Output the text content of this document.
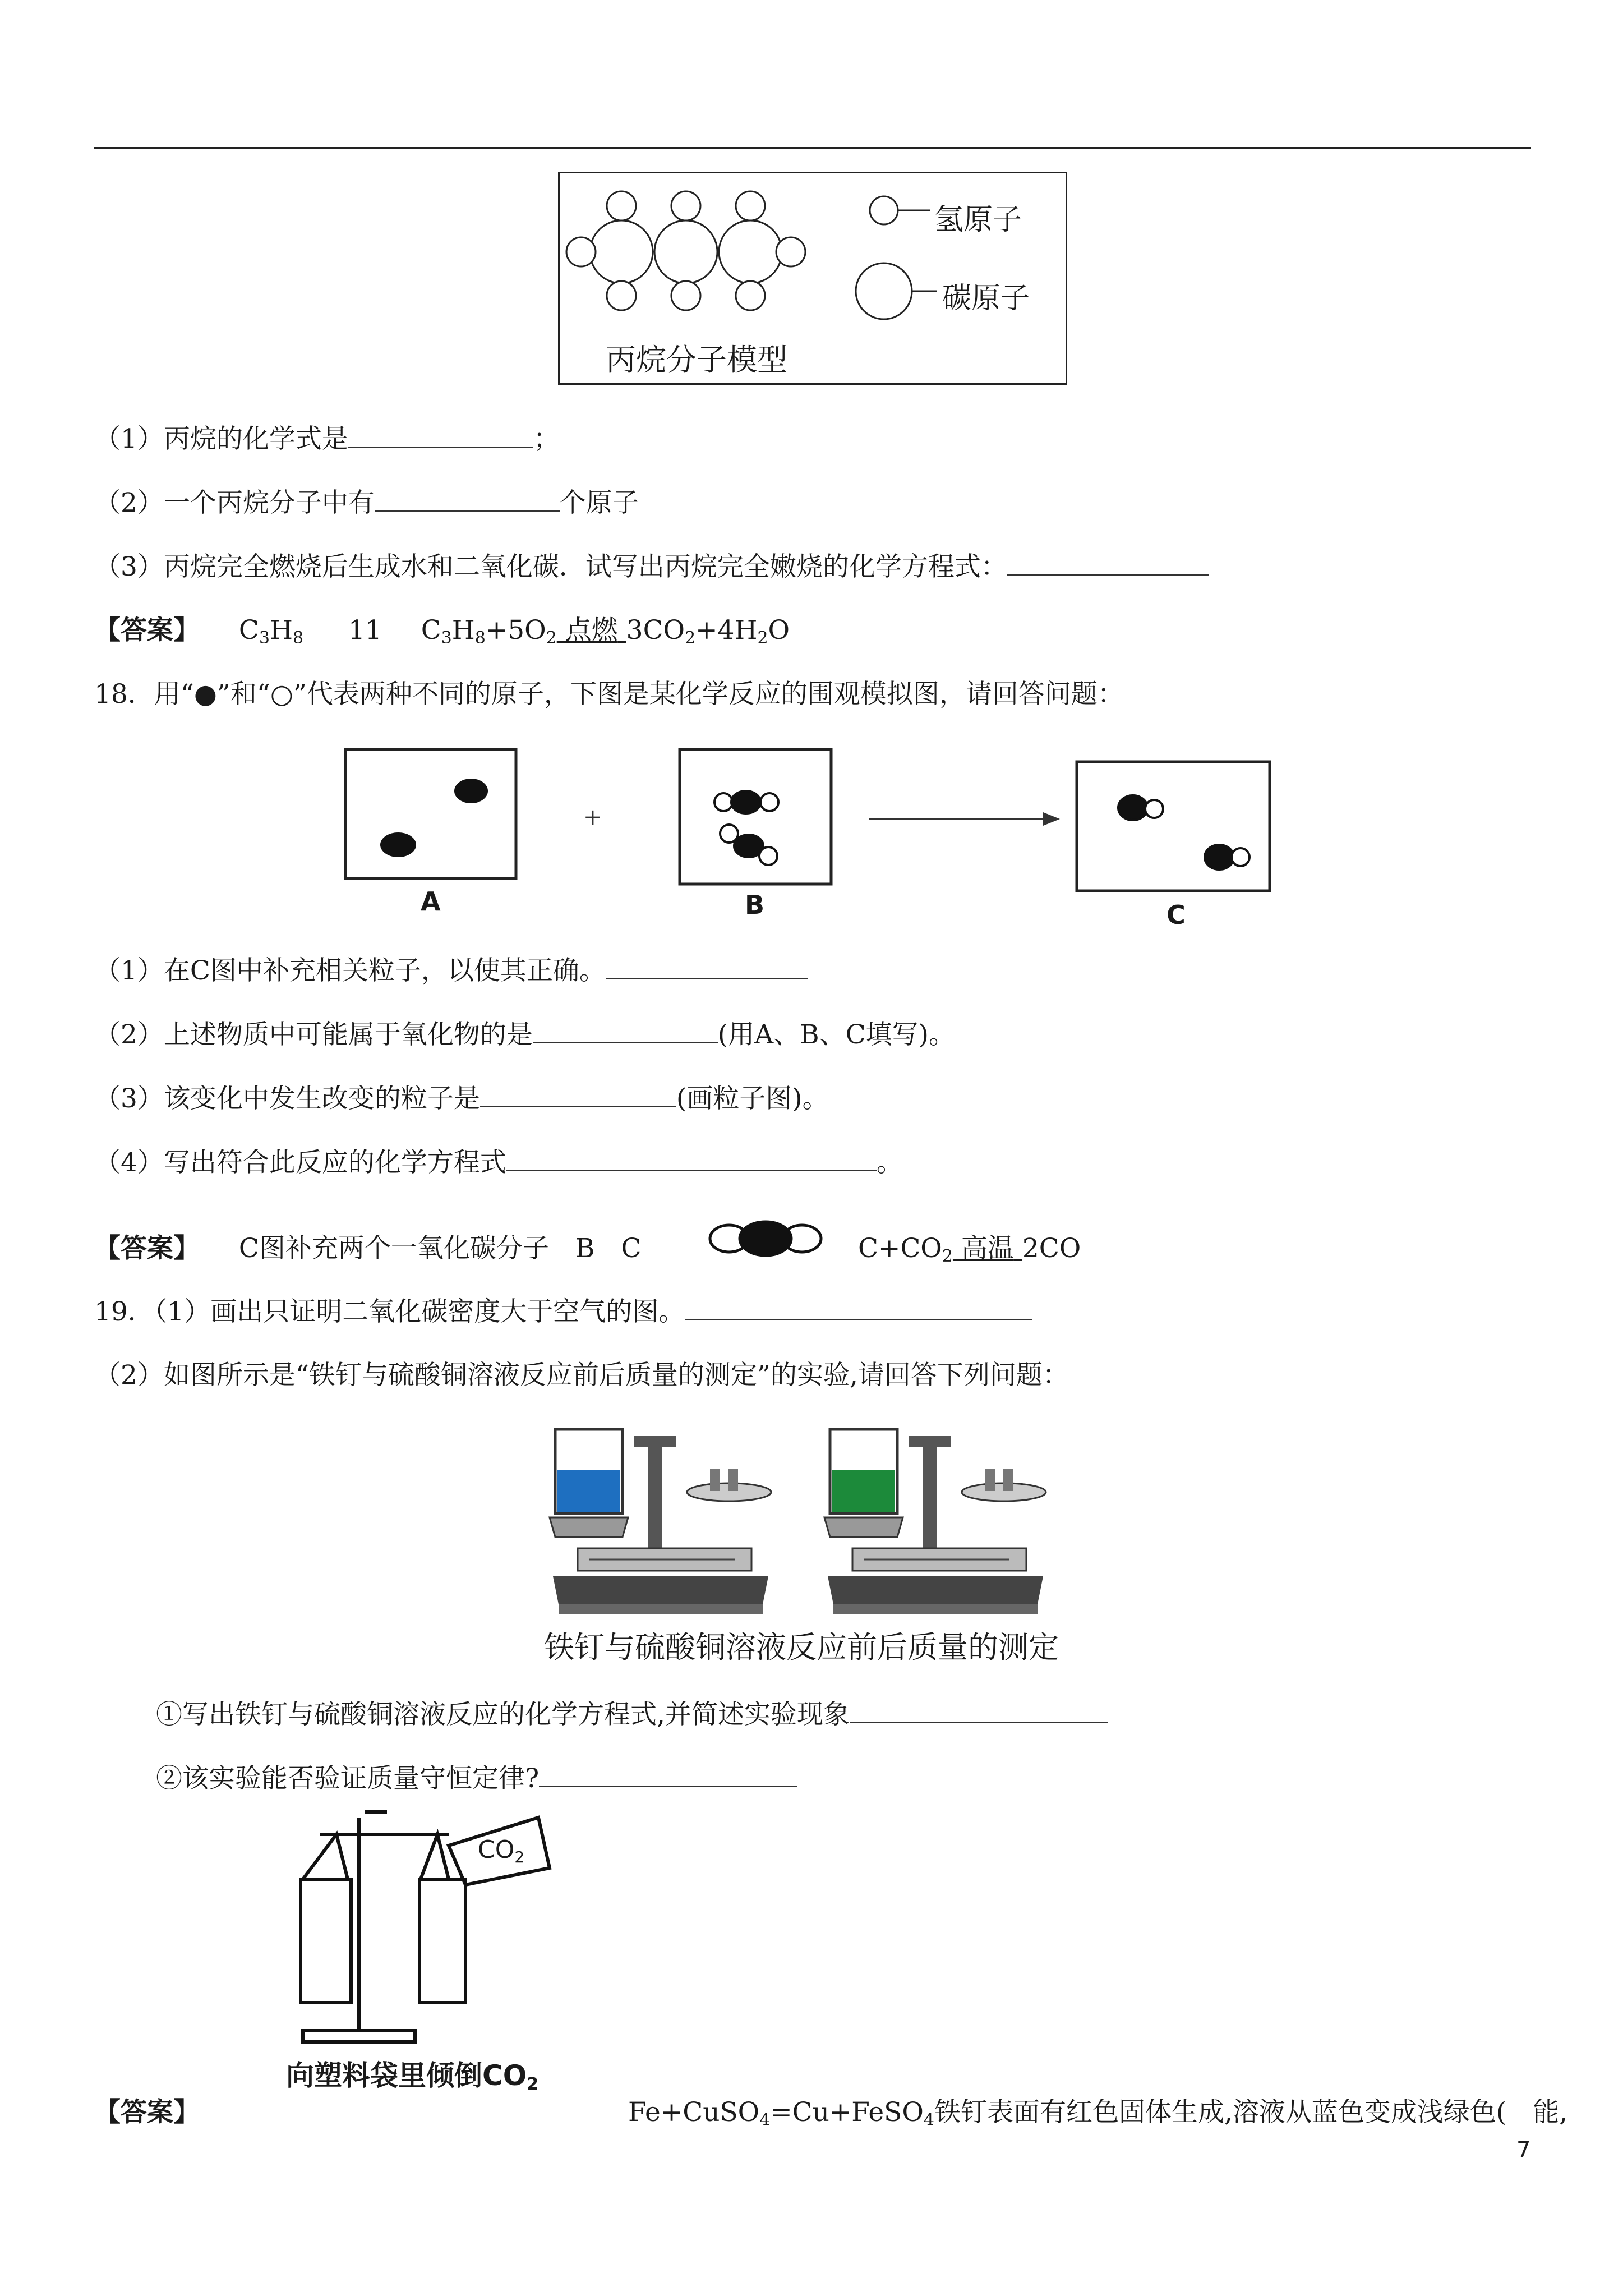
氢原子
碳原子
丙烷分子模型
（1）丙烷的化学式是	；
（2）一个丙烷分子中有	个原子
（3）丙烷完全燃烧后生成水和二氧化碳．试写出丙烷完全嫩烧的化学方程式：
【答案】 $C_3H_8$ 11 $C_3H_8+5O_2$ 点燃 $3CO_2+4H_2O$
18．用“●”和“○”代表两种不同的原子，下图是某化学反应的围观模拟图，请回答问题：
+
A	B	C
（1）在C图中补充相关粒子，以使其正确。
（2）上述物质中可能属于氧化物的是	(用A、B、C填写)。
（3）该变化中发生改变的粒子是	(画粒子图)。
（4）写出符合此反应的化学方程式	。
【答案】 C图补充两个一氧化碳分子　B　C	$C+CO_2$ 高温 2CO
19．（1）画出只证明二氧化碳密度大于空气的图。
（2）如图所示是“铁钉与硫酸铜溶液反应前后质量的测定”的实验,请回答下列问题：
铁钉与硫酸铜溶液反应前后质量的测定
①写出铁钉与硫酸铜溶液反应的化学方程式,并简述实验现象
②该实验能否验证质量守恒定律?
$CO_2$
向塑料袋里倾倒$CO_2$
【答案】	Fe+CuSO$_4$=Cu+FeSO$_4$铁钉表面有红色固体生成,溶液从蓝色变成浅绿色(　能,
7
